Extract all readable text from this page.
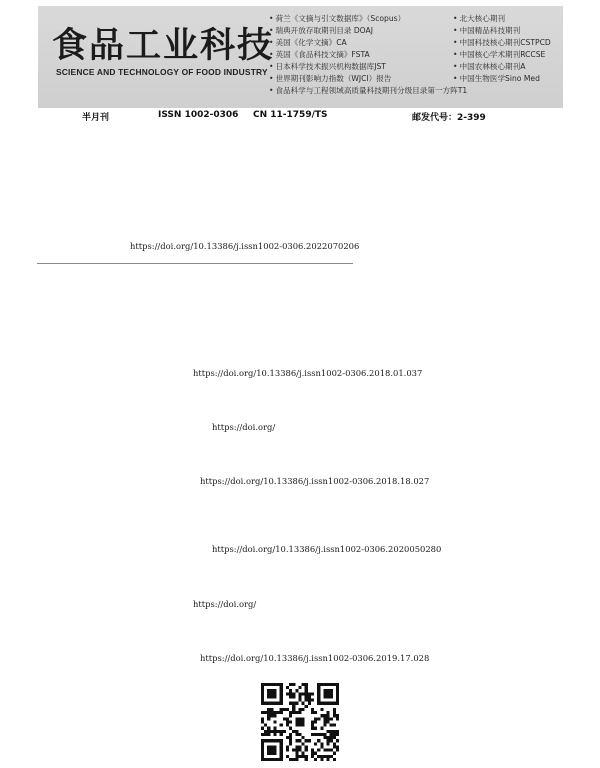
食品工业科技
SCIENCE AND TECHNOLOGY OF FOOD INDUSTRY
• 荷兰《文摘与引文数据库》（Scopus）
• 瑞典开放存取期刊目录 DOAJ
• 美国《化学文摘》CA
• 英国《食品科技文摘》FSTA
• 日本科学技术振兴机构数据库JST
• 世界期刊影响力指数（WJCI）报告
• 食品科学与工程领域高质量科技期刊分级目录第一方阵T1
• 北大核心期刊
• 中国精品科技期刊
• 中国科技核心期刊CSTPCD
• 中国核心学术期刊RCCSE
• 中国农林核心期刊A
• 中国生物医学Sino Med
半月刊	ISSN 1002-0306 CN 11-1759/TS	邮发代号：2-399
https://doi.org/10.13386/j.issn1002-0306.2022070206
https://doi.org/10.13386/j.issn1002-0306.2018.01.037
https://doi.org/
https://doi.org/10.13386/j.issn1002-0306.2018.18.027
https://doi.org/10.13386/j.issn1002-0306.2020050280
https://doi.org/
https://doi.org/10.13386/j.issn1002-0306.2019.17.028
